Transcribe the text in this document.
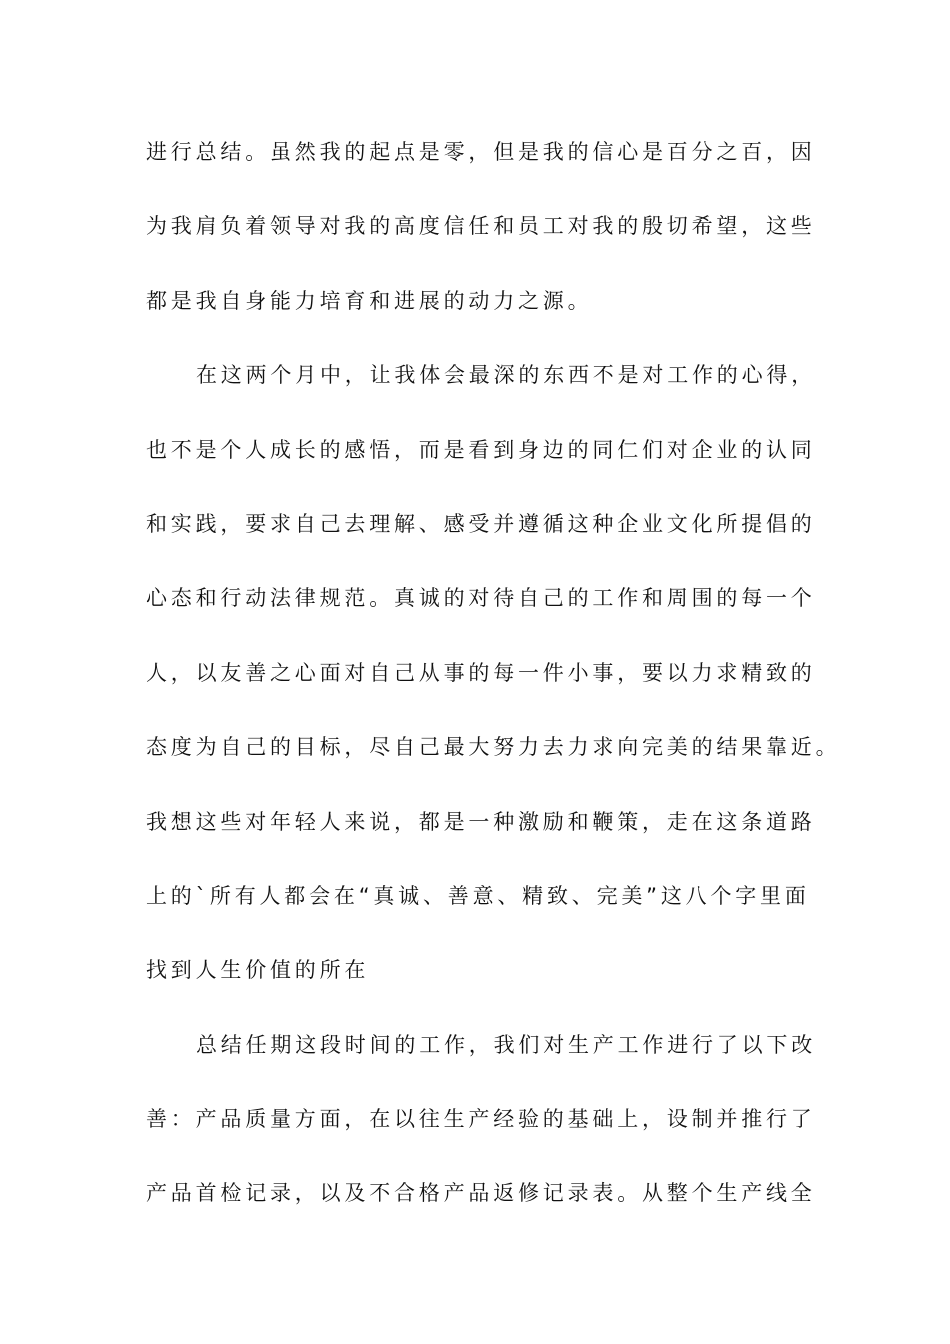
进行总结。虽然我的起点是零，但是我的信心是百分之百，因
为我肩负着领导对我的高度信任和员工对我的殷切希望，这些
都是我自身能力培育和进展的动力之源。
在这两个月中，让我体会最深的东西不是对工作的心得，
也不是个人成长的感悟，而是看到身边的同仁们对企业的认同
和实践，要求自己去理解、感受并遵循这种企业文化所提倡的
心态和行动法律规范。真诚的对待自己的工作和周围的每一个
人，以友善之心面对自己从事的每一件小事，要以力求精致的
态度为自己的目标，尽自己最大努力去力求向完美的结果靠近。
我想这些对年轻人来说，都是一种激励和鞭策，走在这条道路
上的`所有人都会在“真诚、善意、精致、完美”这八个字里面
找到人生价值的所在
总结任期这段时间的工作，我们对生产工作进行了以下改
善：产品质量方面，在以往生产经验的基础上，设制并推行了
产品首检记录，以及不合格产品返修记录表。从整个生产线全
